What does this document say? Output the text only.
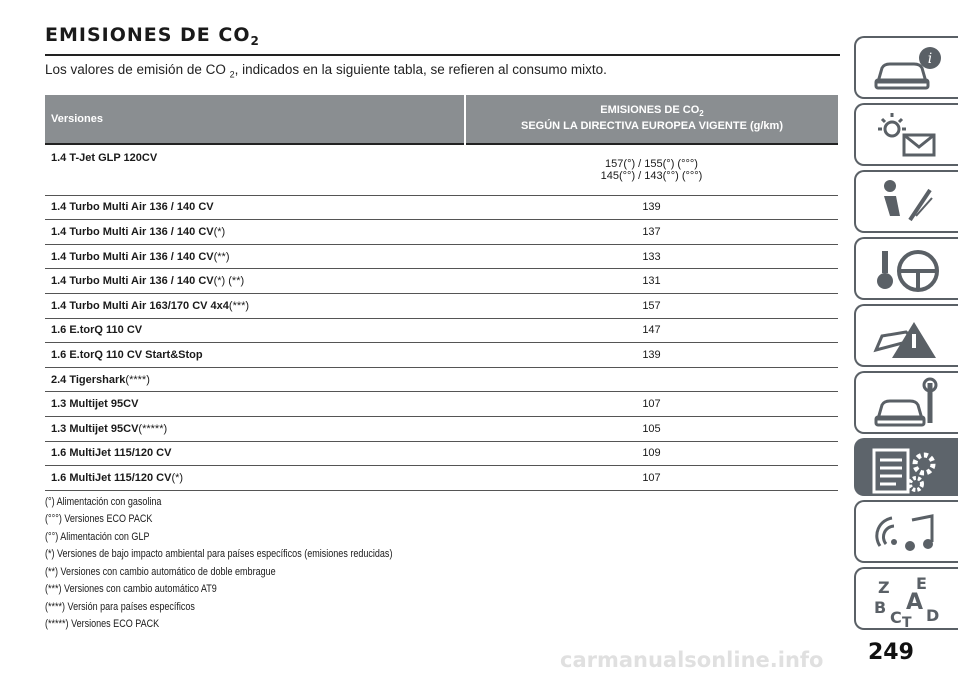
EMISIONES DE $CO_2$

Los valores de emisión de CO $_2$, indicados en la siguiente tabla, se refieren al consumo mixto.

Versiones	EMISIONES DE $CO_2$
SEGÚN LA DIRECTIVA EUROPEA VIGENTE (g/km)
1.4 T-Jet GLP 120CV	157(°) / 155(°) (°°°)
145(°°) / 143(°°) (°°°)
1.4 Turbo Multi Air 136 / 140 CV	139
1.4 Turbo Multi Air 136 / 140 CV(*)	137
1.4 Turbo Multi Air 136 / 140 CV(**)	133
1.4 Turbo Multi Air 136 / 140 CV(*) (**)	131
1.4 Turbo Multi Air 163/170 CV 4x4(***)	157
1.6 E.torQ 110 CV	147
1.6 E.torQ 110 CV Start&Stop	139
2.4 Tigershark(****)	
1.3 Multijet 95CV	107
1.3 Multijet 95CV(*****)	105
1.6 MultiJet 115/120 CV	109
1.6 MultiJet 115/120 CV(*)	107
(°) Alimentación con gasolina
(°°°) Versiones ECO PACK
(°°) Alimentación con GLP
(*) Versiones de bajo impacto ambiental para países específicos (emisiones reducidas)
(**) Versiones con cambio automático de doble embrague
(***) Versiones con cambio automático AT9
(****) Versión para países específicos
(*****) Versiones ECO PACK
i
Z E
B A
C T D
carmanualsonline.info 249
